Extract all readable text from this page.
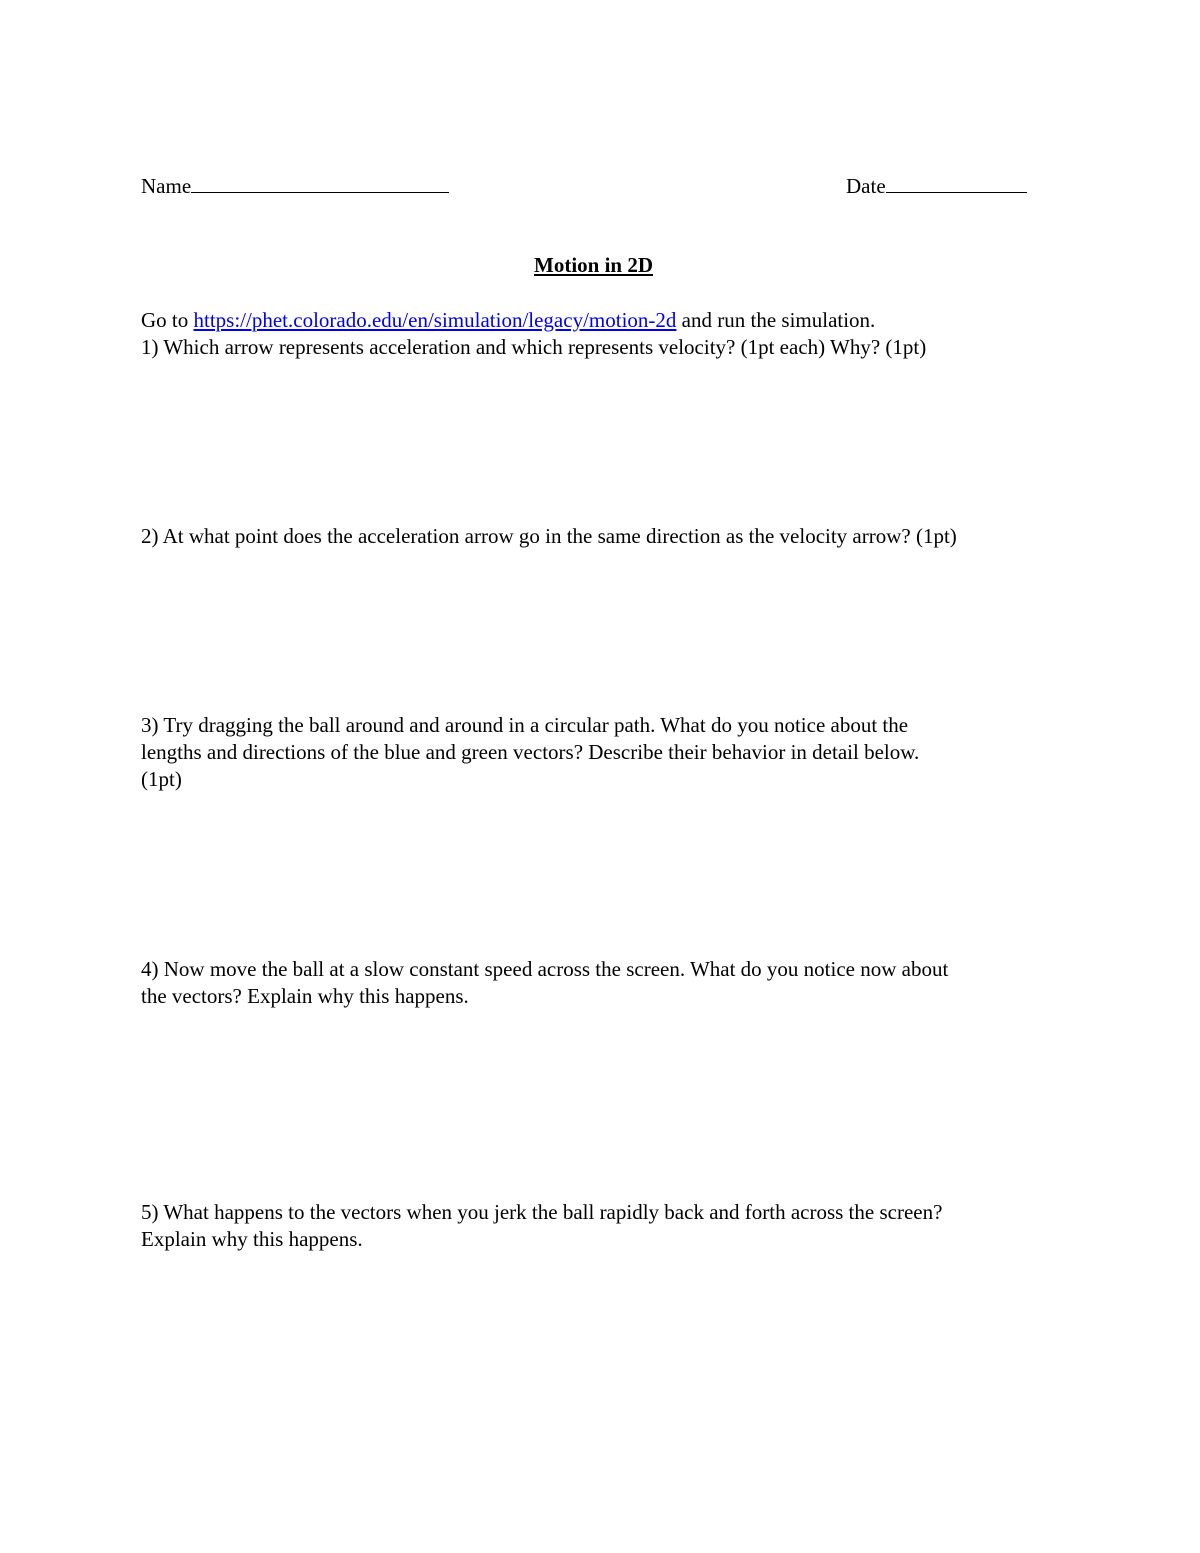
Name	Date
Motion in 2D
Go to https://phet.colorado.edu/en/simulation/legacy/motion-2d and run the simulation.
1) Which arrow represents acceleration and which represents velocity? (1pt each) Why? (1pt)
2) At what point does the acceleration arrow go in the same direction as the velocity arrow? (1pt)
3) Try dragging the ball around and around in a circular path. What do you notice about the
lengths and directions of the blue and green vectors? Describe their behavior in detail below.
(1pt)
4) Now move the ball at a slow constant speed across the screen. What do you notice now about
the vectors? Explain why this happens.
5) What happens to the vectors when you jerk the ball rapidly back and forth across the screen?
Explain why this happens.
